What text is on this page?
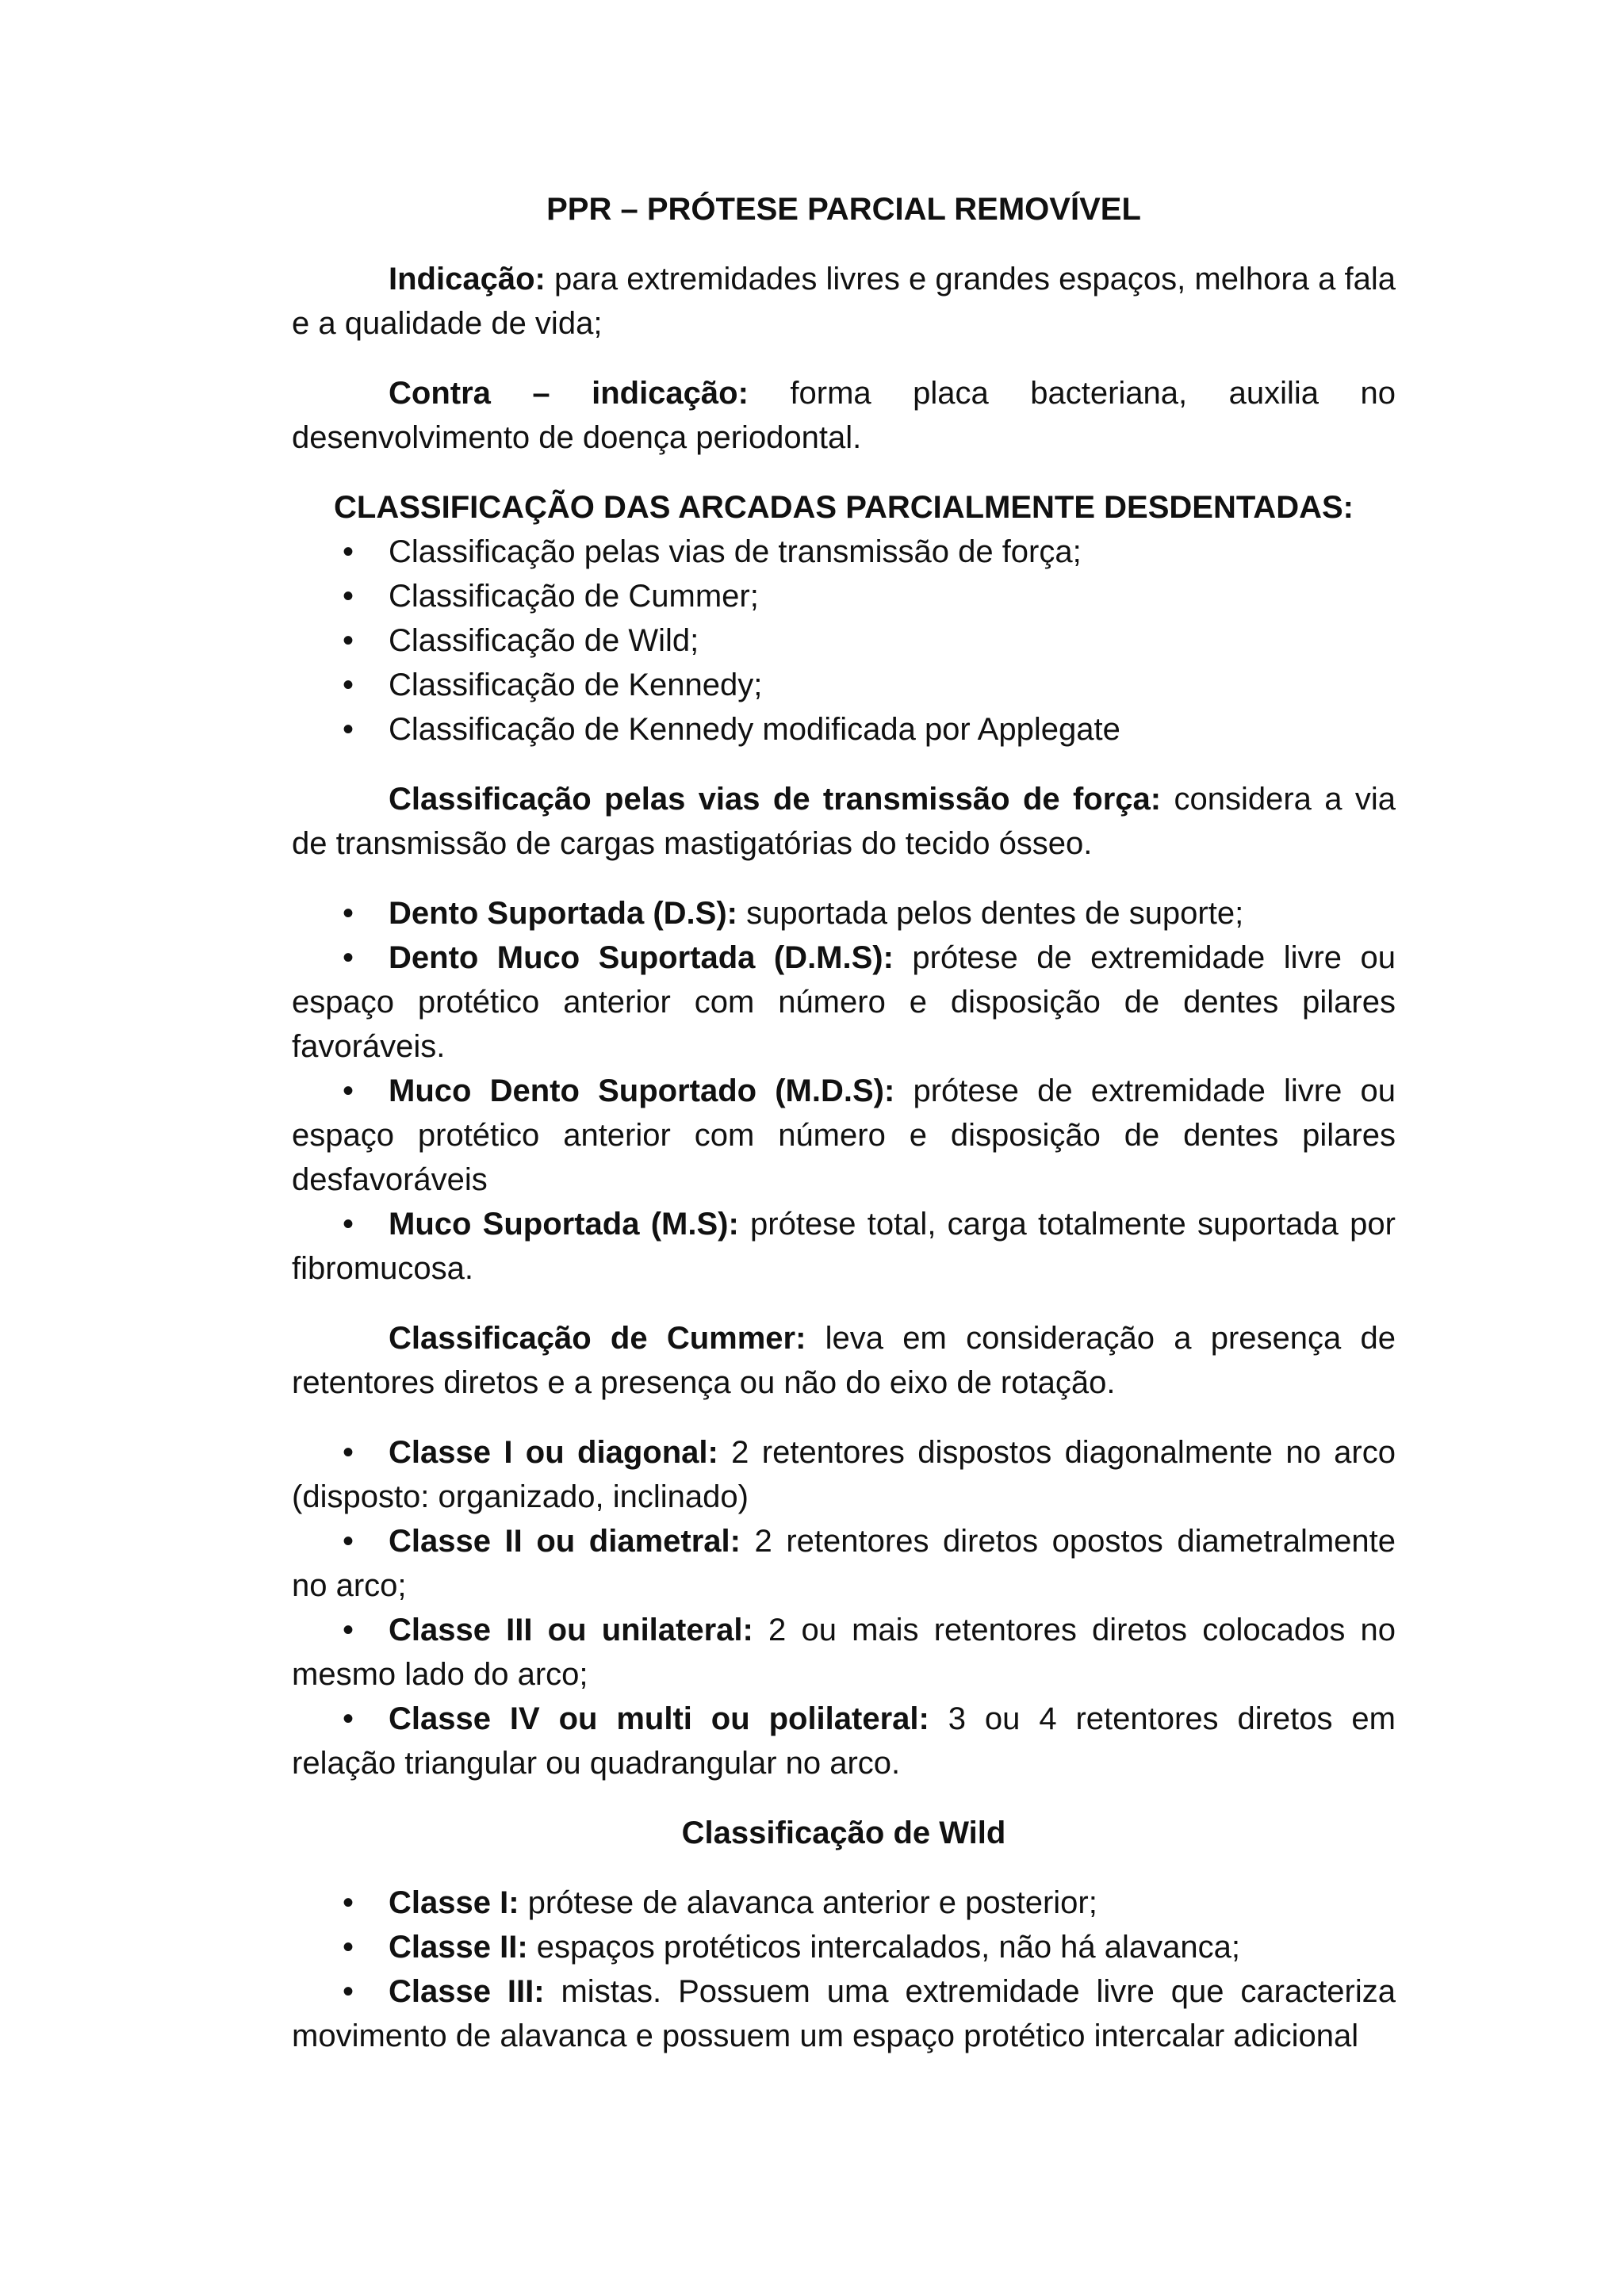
PPR – PRÓTESE PARCIAL REMOVÍVEL

Indicação: para extremidades livres e grandes espaços, melhora a fala e a qualidade de vida;

Contra – indicação: forma placa bacteriana, auxilia no desenvolvimento de doença periodontal.

CLASSIFICAÇÃO DAS ARCADAS PARCIALMENTE DESDENTADAS:
• Classificação pelas vias de transmissão de força;
• Classificação de Cummer;
• Classificação de Wild;
• Classificação de Kennedy;
• Classificação de Kennedy modificada por Applegate

Classificação pelas vias de transmissão de força: considera a via de transmissão de cargas mastigatórias do tecido ósseo.

• Dento Suportada (D.S): suportada pelos dentes de suporte;
• Dento Muco Suportada (D.M.S): prótese de extremidade livre ou espaço protético anterior com número e disposição de dentes pilares favoráveis.
• Muco Dento Suportado (M.D.S): prótese de extremidade livre ou espaço protético anterior com número e disposição de dentes pilares desfavoráveis
• Muco Suportada (M.S): prótese total, carga totalmente suportada por fibromucosa.

Classificação de Cummer: leva em consideração a presença de retentores diretos e a presença ou não do eixo de rotação.

• Classe I ou diagonal: 2 retentores dispostos diagonalmente no arco (disposto: organizado, inclinado)
• Classe II ou diametral: 2 retentores diretos opostos diametralmente no arco;
• Classe III ou unilateral: 2 ou mais retentores diretos colocados no mesmo lado do arco;
• Classe IV ou multi ou polilateral: 3 ou 4 retentores diretos em relação triangular ou quadrangular no arco.
Classificação de Wild
• Classe I: prótese de alavanca anterior e posterior;
• Classe II: espaços protéticos intercalados, não há alavanca;
• Classe III: mistas. Possuem uma extremidade livre que caracteriza movimento de alavanca e possuem um espaço protético intercalar adicional
